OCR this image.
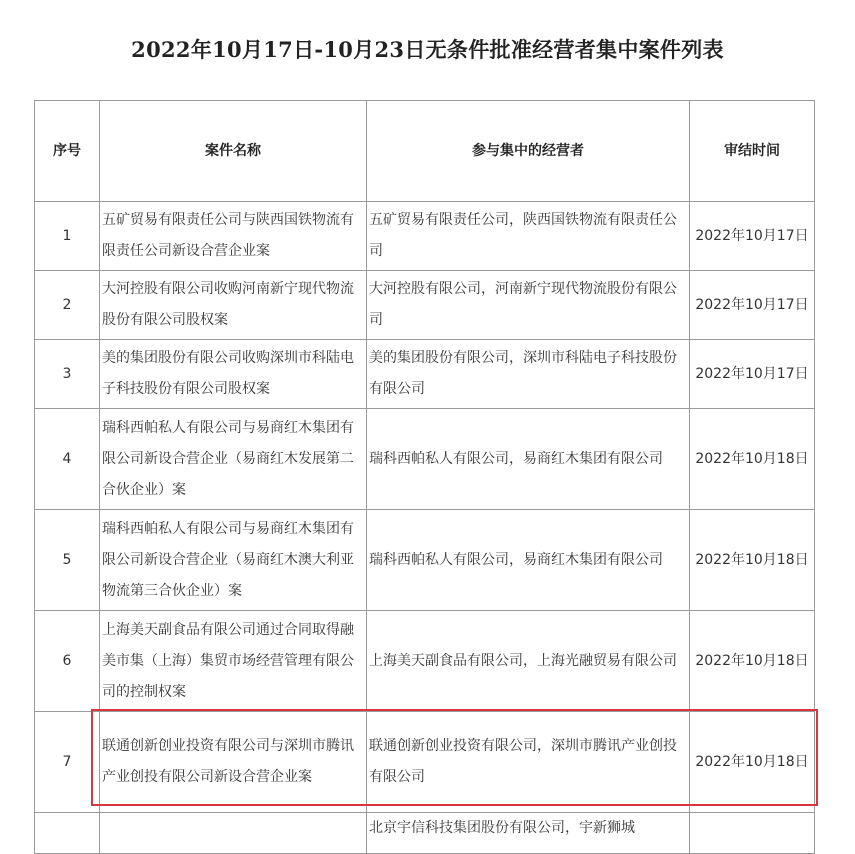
2022年10月17日-10月23日无条件批准经营者集中案件列表
序号	案件名称	参与集中的经营者	审结时间
1	五矿贸易有限责任公司与陕西国铁物流有限责任公司新设合营企业案	五矿贸易有限责任公司，陕西国铁物流有限责任公司	2022年10月17日
2	大河控股有限公司收购河南新宁现代物流股份有限公司股权案	大河控股有限公司，河南新宁现代物流股份有限公司	2022年10月17日
3	美的集团股份有限公司收购深圳市科陆电子科技股份有限公司股权案	美的集团股份有限公司，深圳市科陆电子科技股份有限公司	2022年10月17日
4	瑞科西帕私人有限公司与易商红木集团有限公司新设合营企业（易商红木发展第二合伙企业）案	瑞科西帕私人有限公司，易商红木集团有限公司	2022年10月18日
5	瑞科西帕私人有限公司与易商红木集团有限公司新设合营企业（易商红木澳大利亚物流第三合伙企业）案	瑞科西帕私人有限公司，易商红木集团有限公司	2022年10月18日
6	上海美天副食品有限公司通过合同取得融美市集（上海）集贸市场经营管理有限公司的控制权案	上海美天副食品有限公司，上海光融贸易有限公司	2022年10月18日
7	联通创新创业投资有限公司与深圳市腾讯产业创投有限公司新设合营企业案	联通创新创业投资有限公司，深圳市腾讯产业创投有限公司	2022年10月18日
		北京宇信科技集团股份有限公司，宇新狮城	
